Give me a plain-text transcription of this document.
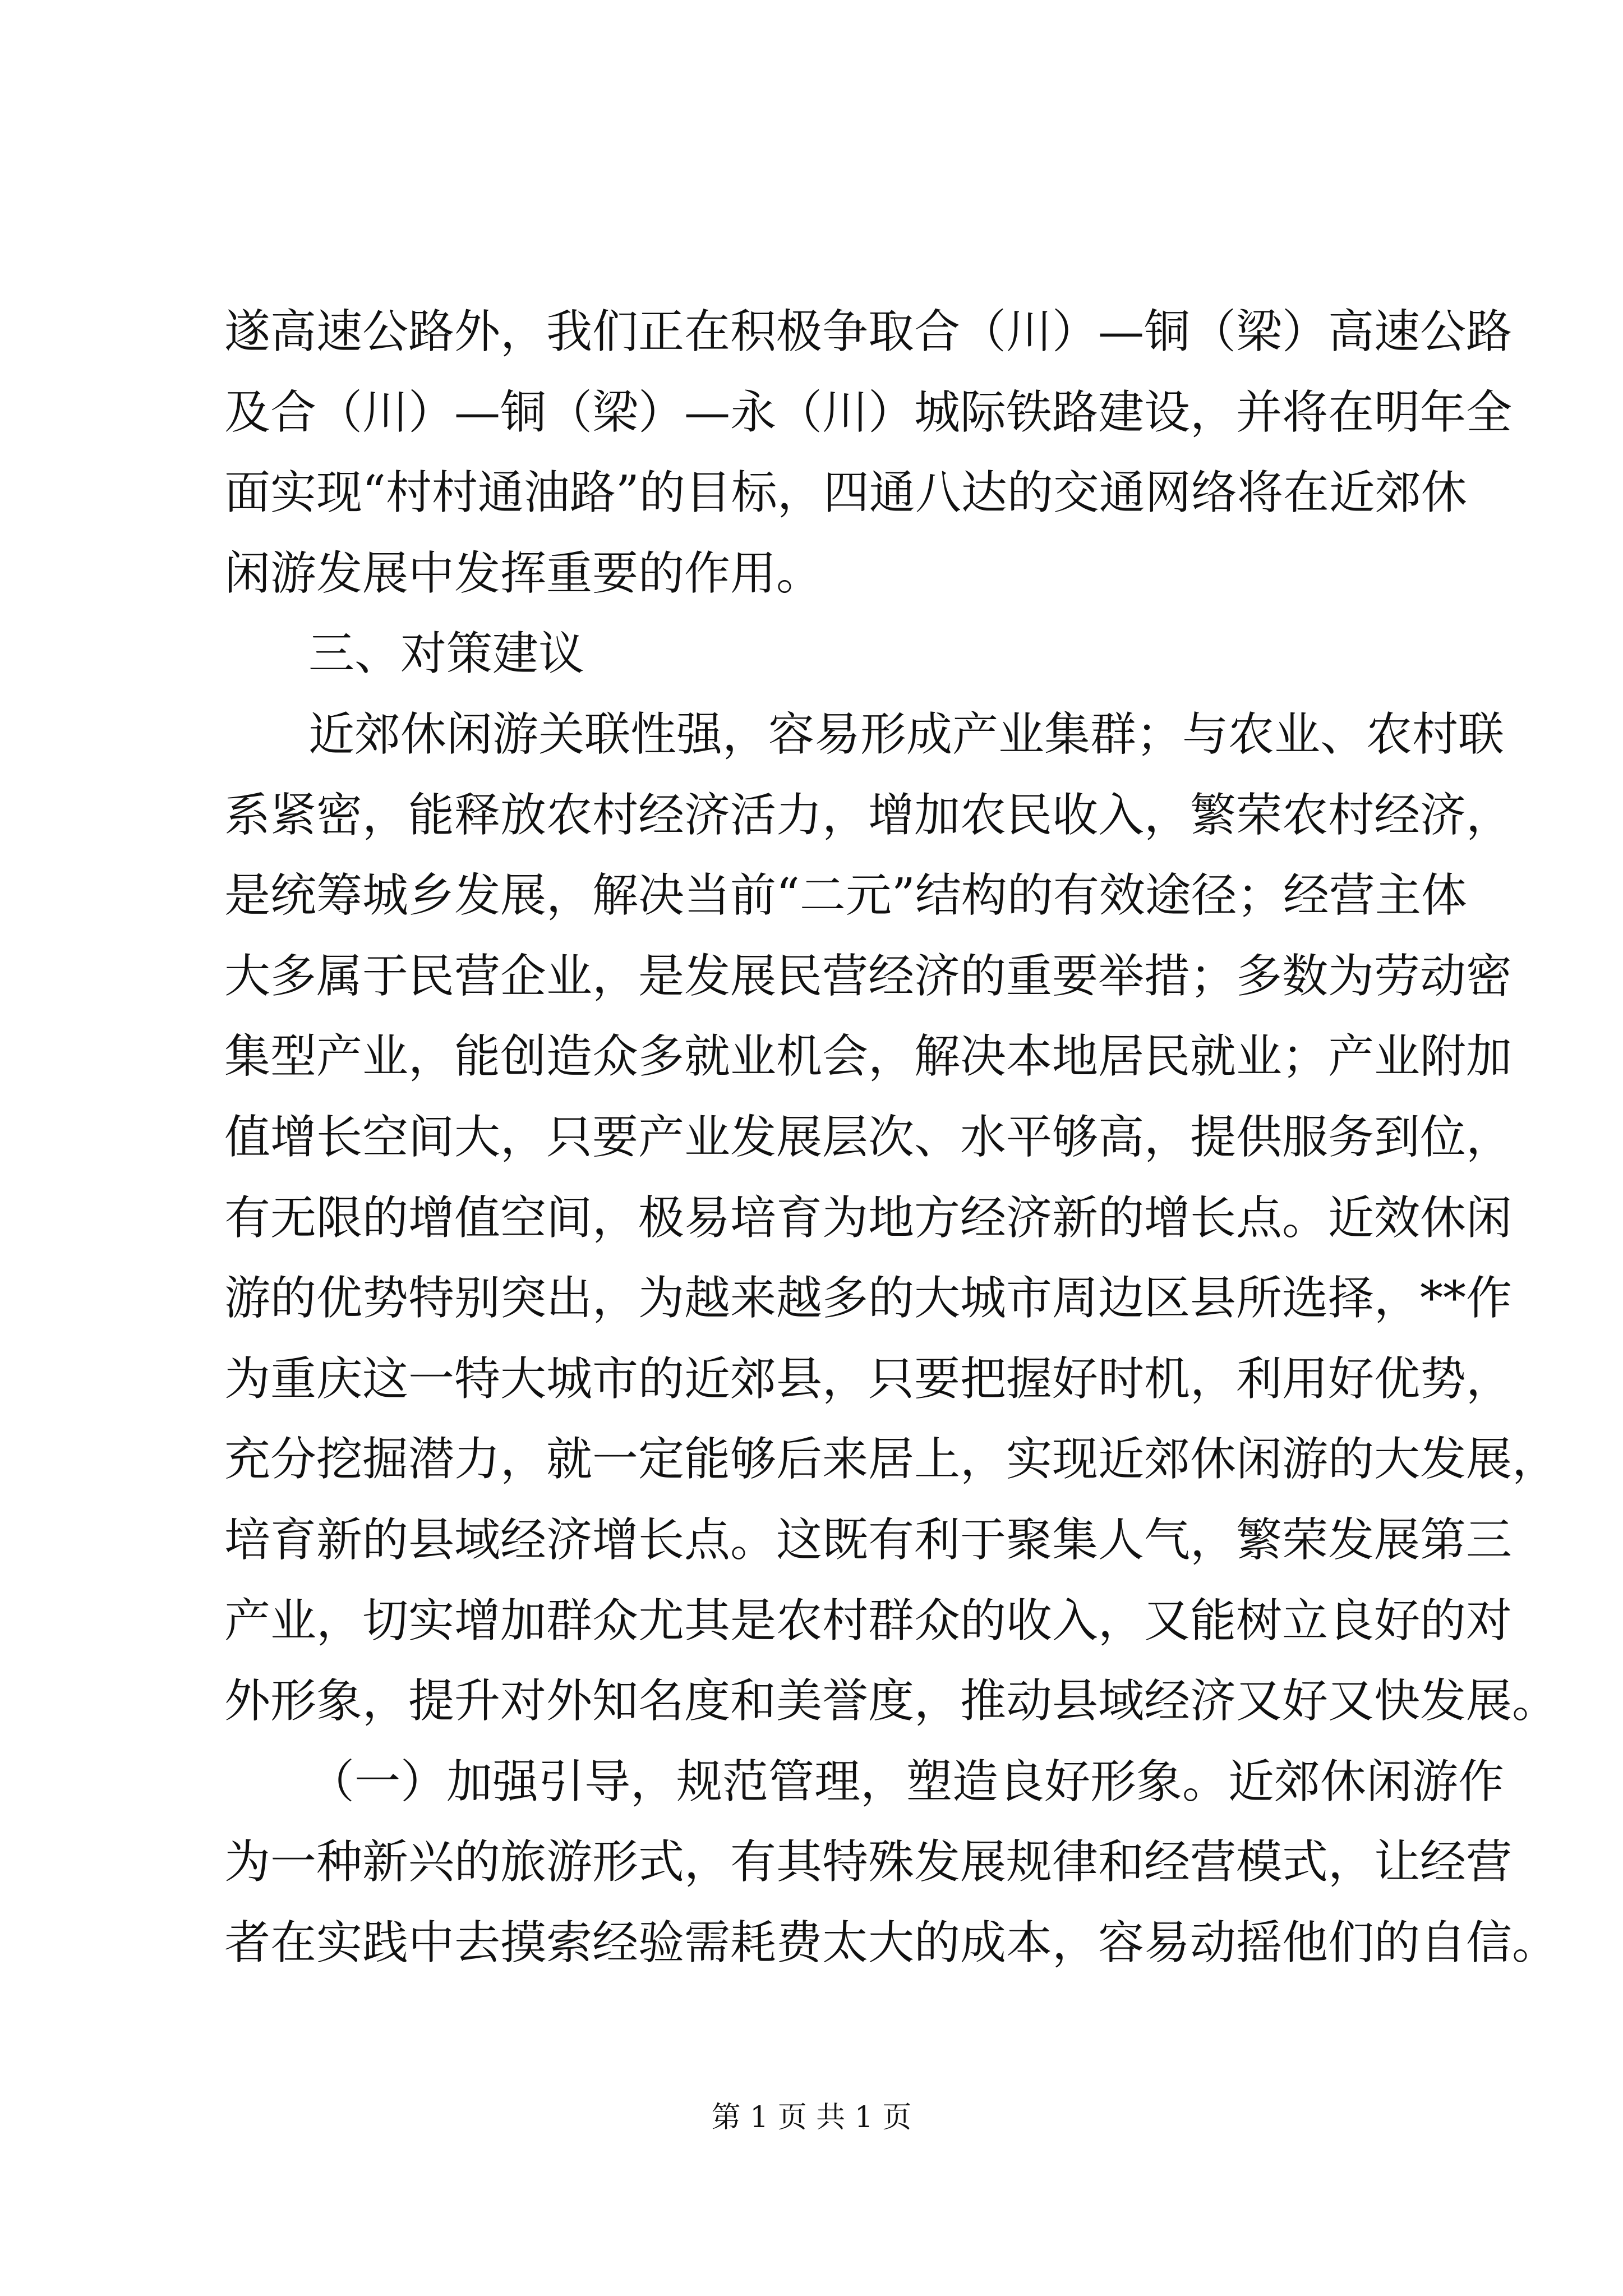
遂高速公路外，我们正在积极争取合（川）—铜（梁）高速公路
及合（川）—铜（梁）—永（川）城际铁路建设，并将在明年全
面实现“村村通油路”的目标，四通八达的交通网络将在近郊休
闲游发展中发挥重要的作用。
三、对策建议
近郊休闲游关联性强，容易形成产业集群；与农业、农村联
系紧密，能释放农村经济活力，增加农民收入，繁荣农村经济，
是统筹城乡发展，解决当前“二元”结构的有效途径；经营主体
大多属于民营企业，是发展民营经济的重要举措；多数为劳动密
集型产业，能创造众多就业机会，解决本地居民就业；产业附加
值增长空间大，只要产业发展层次、水平够高，提供服务到位，
有无限的增值空间，极易培育为地方经济新的增长点。近效休闲
游的优势特别突出，为越来越多的大城市周边区县所选择，**作
为重庆这一特大城市的近郊县，只要把握好时机，利用好优势，
充分挖掘潜力，就一定能够后来居上，实现近郊休闲游的大发展，
培育新的县域经济增长点。这既有利于聚集人气，繁荣发展第三
产业，切实增加群众尤其是农村群众的收入，又能树立良好的对
外形象，提升对外知名度和美誉度，推动县域经济又好又快发展。
（一）加强引导，规范管理，塑造良好形象。近郊休闲游作
为一种新兴的旅游形式，有其特殊发展规律和经营模式，让经营
者在实践中去摸索经验需耗费太大的成本，容易动摇他们的自信。
第 1 页 共 1 页
